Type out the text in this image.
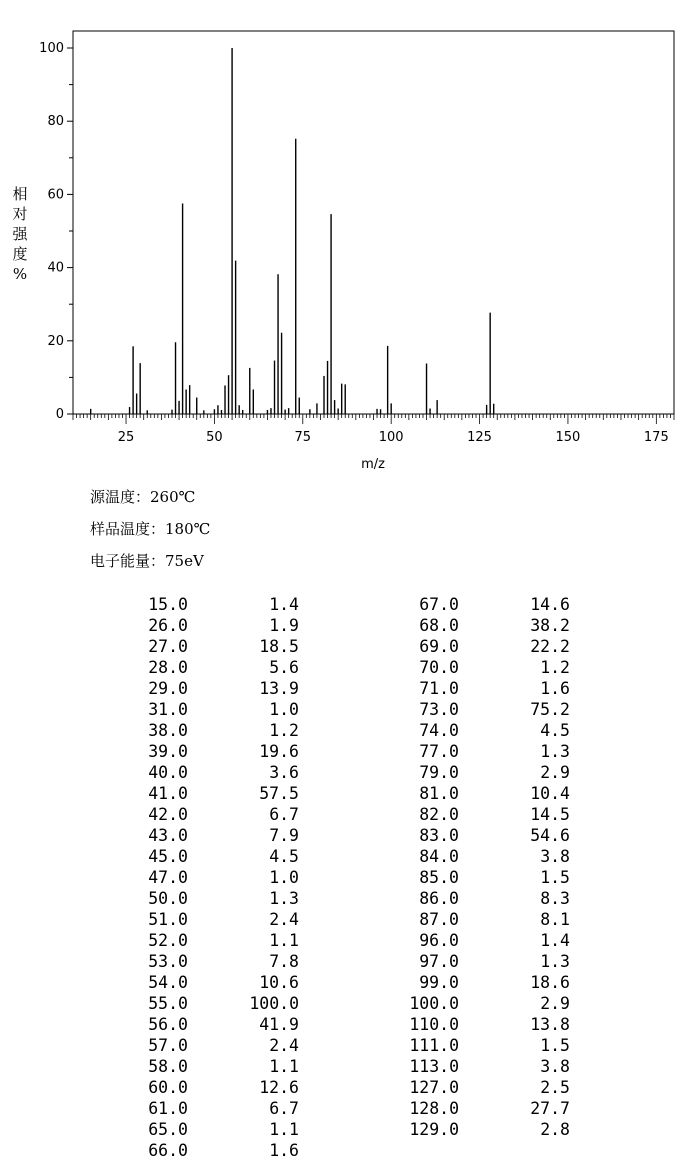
0
20
40
60
80
100
25	50	75	100	125	150	175
m/z
相
对
强
度
%
源温度：260℃
样品温度：180℃
电子能量：75eV
15.0	1.4
26.0	1.9
27.0	18.5
28.0	5.6
29.0	13.9
31.0	1.0
38.0	1.2
39.0	19.6
40.0	3.6
41.0	57.5
42.0	6.7
43.0	7.9
45.0	4.5
47.0	1.0
50.0	1.3
51.0	2.4
52.0	1.1
53.0	7.8
54.0	10.6
55.0	100.0
56.0	41.9
57.0	2.4
58.0	1.1
60.0	12.6
61.0	6.7
65.0	1.1
66.0	1.6
67.0	14.6
68.0	38.2
69.0	22.2
70.0	1.2
71.0	1.6
73.0	75.2
74.0	4.5
77.0	1.3
79.0	2.9
81.0	10.4
82.0	14.5
83.0	54.6
84.0	3.8
85.0	1.5
86.0	8.3
87.0	8.1
96.0	1.4
97.0	1.3
99.0	18.6
100.0	2.9
110.0	13.8
111.0	1.5
113.0	3.8
127.0	2.5
128.0	27.7
129.0	2.8
